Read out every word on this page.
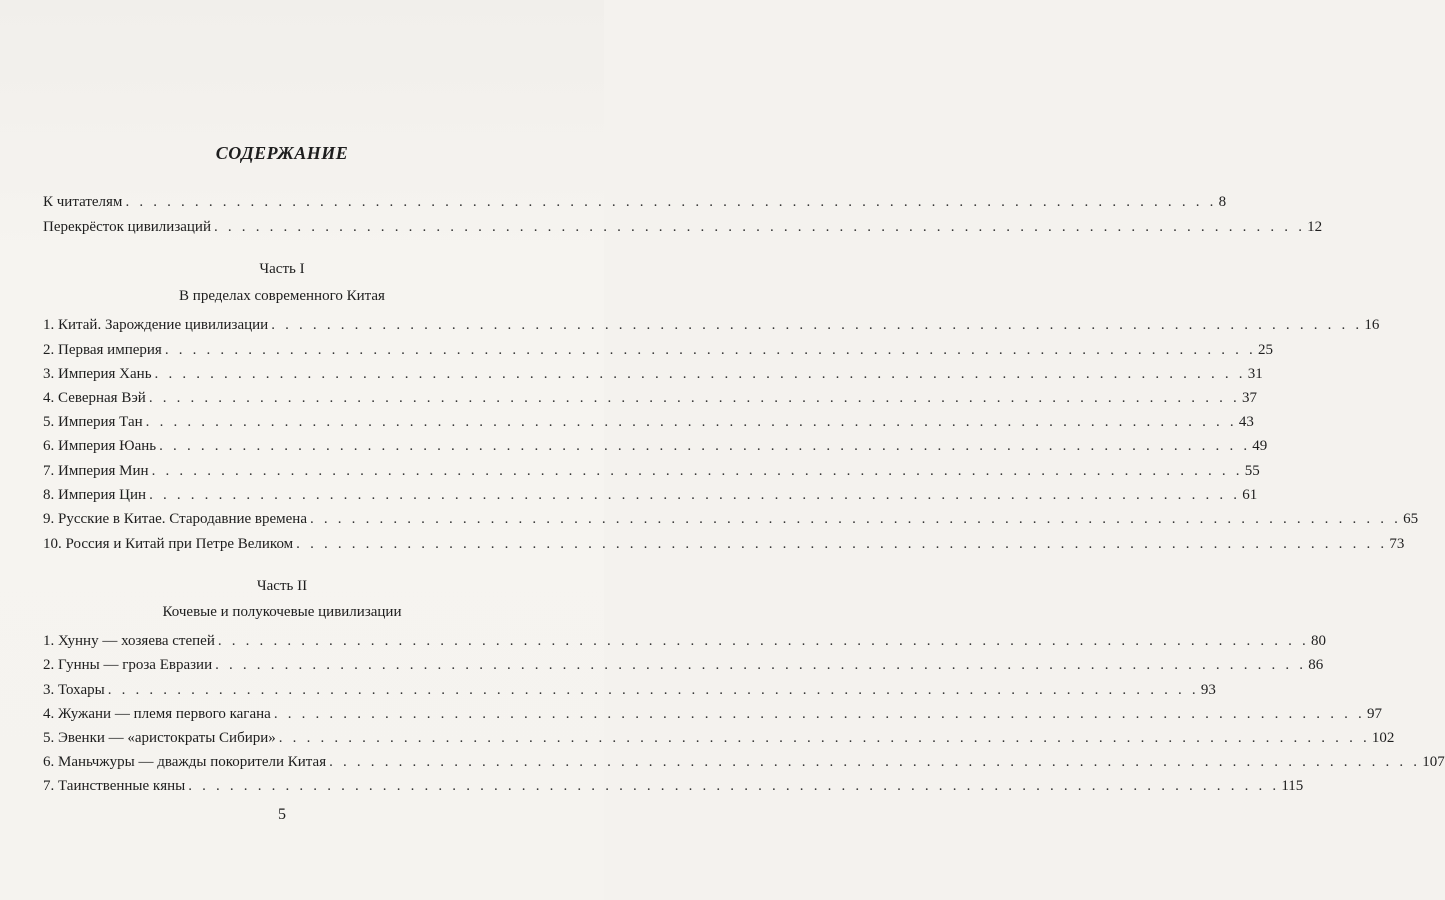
СОДЕРЖАНИЕ
К читателям . . . . . . . . . . . . . . . . . . . . . . . . . . . . . . . . . . . . . . . . . . . . . . . . . . . . . . . . . . . . . . . . . . . . . . . . . . . . . . . 8
Перекрёсток цивилизаций . . . . . . . . . . . . . . . . . . . . . . . . . . . . . . . . . . . . . . . . . . . . . . . . . . . . . . . . . . . . . . . . . . . . . . . . . . . . . . . 12
Часть I
В пределах современного Китая
1. Китай. Зарождение цивилизации . . . . . . . . . . . . . . . . . . . . . . . . . . . . . . . . . . . . . . . . . . . . . . . . . . . . . . . . . . . . . . . . . . . . . . . . . . . . . . . 16
2. Первая империя . . . . . . . . . . . . . . . . . . . . . . . . . . . . . . . . . . . . . . . . . . . . . . . . . . . . . . . . . . . . . . . . . . . . . . . . . . . . . . . 25
3. Империя Хань . . . . . . . . . . . . . . . . . . . . . . . . . . . . . . . . . . . . . . . . . . . . . . . . . . . . . . . . . . . . . . . . . . . . . . . . . . . . . . . 31
4. Северная Вэй . . . . . . . . . . . . . . . . . . . . . . . . . . . . . . . . . . . . . . . . . . . . . . . . . . . . . . . . . . . . . . . . . . . . . . . . . . . . . . . 37
5. Империя Тан . . . . . . . . . . . . . . . . . . . . . . . . . . . . . . . . . . . . . . . . . . . . . . . . . . . . . . . . . . . . . . . . . . . . . . . . . . . . . . . 43
6. Империя Юань . . . . . . . . . . . . . . . . . . . . . . . . . . . . . . . . . . . . . . . . . . . . . . . . . . . . . . . . . . . . . . . . . . . . . . . . . . . . . . . 49
7. Империя Мин . . . . . . . . . . . . . . . . . . . . . . . . . . . . . . . . . . . . . . . . . . . . . . . . . . . . . . . . . . . . . . . . . . . . . . . . . . . . . . . 55
8. Империя Цин . . . . . . . . . . . . . . . . . . . . . . . . . . . . . . . . . . . . . . . . . . . . . . . . . . . . . . . . . . . . . . . . . . . . . . . . . . . . . . . 61
9. Русские в Китае. Стародавние времена . . . . . . . . . . . . . . . . . . . . . . . . . . . . . . . . . . . . . . . . . . . . . . . . . . . . . . . . . . . . . . . . . . . . . . . . . . . . . . . 65
10. Россия и Китай при Петре Великом . . . . . . . . . . . . . . . . . . . . . . . . . . . . . . . . . . . . . . . . . . . . . . . . . . . . . . . . . . . . . . . . . . . . . . . . . . . . . . . 73
Часть II
Кочевые и полукочевые цивилизации
1. Хунну — хозяева степей . . . . . . . . . . . . . . . . . . . . . . . . . . . . . . . . . . . . . . . . . . . . . . . . . . . . . . . . . . . . . . . . . . . . . . . . . . . . . . . 80
2. Гунны — гроза Евразии . . . . . . . . . . . . . . . . . . . . . . . . . . . . . . . . . . . . . . . . . . . . . . . . . . . . . . . . . . . . . . . . . . . . . . . . . . . . . . . 86
3. Тохары . . . . . . . . . . . . . . . . . . . . . . . . . . . . . . . . . . . . . . . . . . . . . . . . . . . . . . . . . . . . . . . . . . . . . . . . . . . . . . . 93
4. Жужани — племя первого кагана . . . . . . . . . . . . . . . . . . . . . . . . . . . . . . . . . . . . . . . . . . . . . . . . . . . . . . . . . . . . . . . . . . . . . . . . . . . . . . . 97
5. Эвенки — «аристократы Сибири» . . . . . . . . . . . . . . . . . . . . . . . . . . . . . . . . . . . . . . . . . . . . . . . . . . . . . . . . . . . . . . . . . . . . . . . . . . . . . . . 102
6. Маньчжуры — дважды покорители Китая . . . . . . . . . . . . . . . . . . . . . . . . . . . . . . . . . . . . . . . . . . . . . . . . . . . . . . . . . . . . . . . . . . . . . . . . . . . . . . . 107
7. Таинственные кяны . . . . . . . . . . . . . . . . . . . . . . . . . . . . . . . . . . . . . . . . . . . . . . . . . . . . . . . . . . . . . . . . . . . . . . . . . . . . . . . 115
5
